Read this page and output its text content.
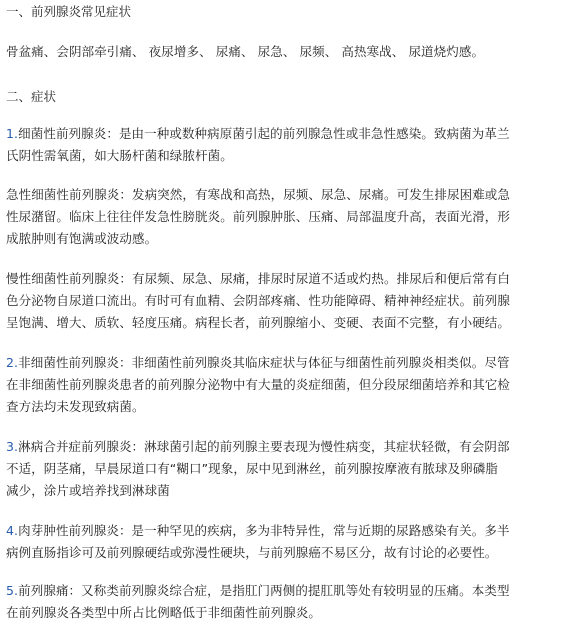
一、前列腺炎常见症状
骨盆痛、会阴部牵引痛、 夜尿增多、 尿痛、 尿急、 尿频、 高热寒战、 尿道烧灼感。
二、症状
1.细菌性前列腺炎：是由一种或数种病原菌引起的前列腺急性或非急性感染。致病菌为革兰
氏阴性需氧菌，如大肠杆菌和绿脓杆菌。
急性细菌性前列腺炎：发病突然，有寒战和高热，尿频、尿急、尿痛。可发生排尿困难或急
性尿潴留。临床上往往伴发急性膀胱炎。前列腺肿胀、压痛、局部温度升高，表面光滑，形
成脓肿则有饱满或波动感。
慢性细菌性前列腺炎：有尿频、尿急、尿痛，排尿时尿道不适或灼热。排尿后和便后常有白
色分泌物自尿道口流出。有时可有血精、会阴部疼痛、性功能障碍、精神神经症状。前列腺
呈饱满、增大、质软、轻度压痛。病程长者，前列腺缩小、变硬、表面不完整，有小硬结。
2.非细菌性前列腺炎：非细菌性前列腺炎其临床症状与体征与细菌性前列腺炎相类似。尽管
在非细菌性前列腺炎患者的前列腺分泌物中有大量的炎症细菌，但分段尿细菌培养和其它检
查方法均未发现致病菌。
3.淋病合并症前列腺炎：淋球菌引起的前列腺主要表现为慢性病变，其症状轻微，有会阴部
不适，阴茎痛，早晨尿道口有“糊口”现象，尿中见到淋丝，前列腺按摩液有脓球及卵磷脂
减少，涂片或培养找到淋球菌
4.肉芽肿性前列腺炎：是一种罕见的疾病，多为非特异性，常与近期的尿路感染有关。多半
病例直肠指诊可及前列腺硬结或弥漫性硬块，与前列腺癌不易区分，故有讨论的必要性。
5.前列腺痛：又称类前列腺炎综合症，是指肛门两侧的提肛肌等处有较明显的压痛。本类型
在前列腺炎各类型中所占比例略低于非细菌性前列腺炎。
